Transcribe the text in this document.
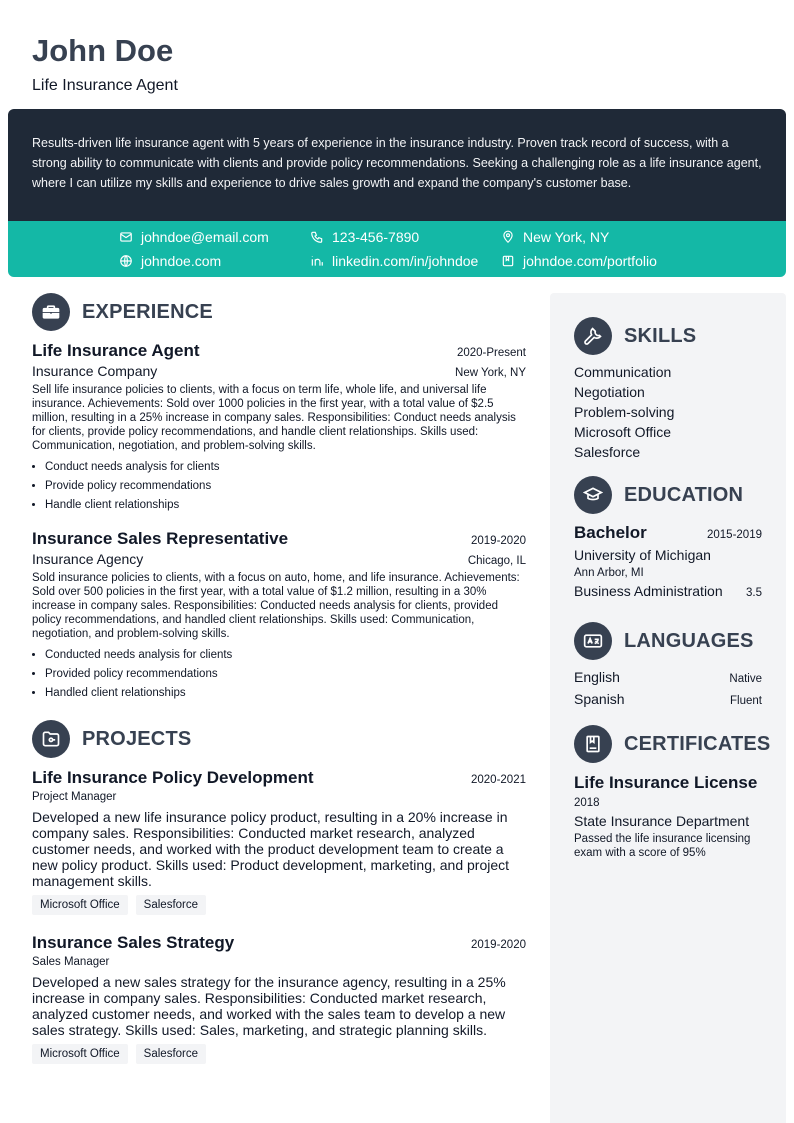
John Doe
Life Insurance Agent
Results-driven life insurance agent with 5 years of experience in the insurance industry. Proven track record of success, with a strong ability to communicate with clients and provide policy recommendations. Seeking a challenging role as a life insurance agent, where I can utilize my skills and experience to drive sales growth and expand the company's customer base.
johndoe@email.com	123-456-7890	New York, NY
johndoe.com	linkedin.com/in/johndoe	johndoe.com/portfolio
EXPERIENCE
Life Insurance Agent	2020-Present
Insurance Company	New York, NY
Sell life insurance policies to clients, with a focus on term life, whole life, and universal life insurance. Achievements: Sold over 1000 policies in the first year, with a total value of $2.5 million, resulting in a 25% increase in company sales. Responsibilities: Conduct needs analysis for clients, provide policy recommendations, and handle client relationships. Skills used: Communication, negotiation, and problem-solving skills.
• Conduct needs analysis for clients
• Provide policy recommendations
• Handle client relationships
Insurance Sales Representative	2019-2020
Insurance Agency	Chicago, IL
Sold insurance policies to clients, with a focus on auto, home, and life insurance. Achievements: Sold over 500 policies in the first year, with a total value of $1.2 million, resulting in a 30% increase in company sales. Responsibilities: Conducted needs analysis for clients, provided policy recommendations, and handled client relationships. Skills used: Communication, negotiation, and problem-solving skills.
• Conducted needs analysis for clients
• Provided policy recommendations
• Handled client relationships
PROJECTS
Life Insurance Policy Development	2020-2021
Project Manager
Developed a new life insurance policy product, resulting in a 20% increase in company sales. Responsibilities: Conducted market research, analyzed customer needs, and worked with the product development team to create a new policy product. Skills used: Product development, marketing, and project management skills.
Microsoft Office	Salesforce
Insurance Sales Strategy	2019-2020
Sales Manager
Developed a new sales strategy for the insurance agency, resulting in a 25% increase in company sales. Responsibilities: Conducted market research, analyzed customer needs, and worked with the sales team to develop a new sales strategy. Skills used: Sales, marketing, and strategic planning skills.
Microsoft Office	Salesforce
SKILLS
Communication
Negotiation
Problem-solving
Microsoft Office
Salesforce
EDUCATION
Bachelor	2015-2019
University of Michigan
Ann Arbor, MI
Business Administration 3.5
LANGUAGES
English	Native
Spanish	Fluent
CERTIFICATES
Life Insurance License
2018
State Insurance Department
Passed the life insurance licensing exam with a score of 95%
